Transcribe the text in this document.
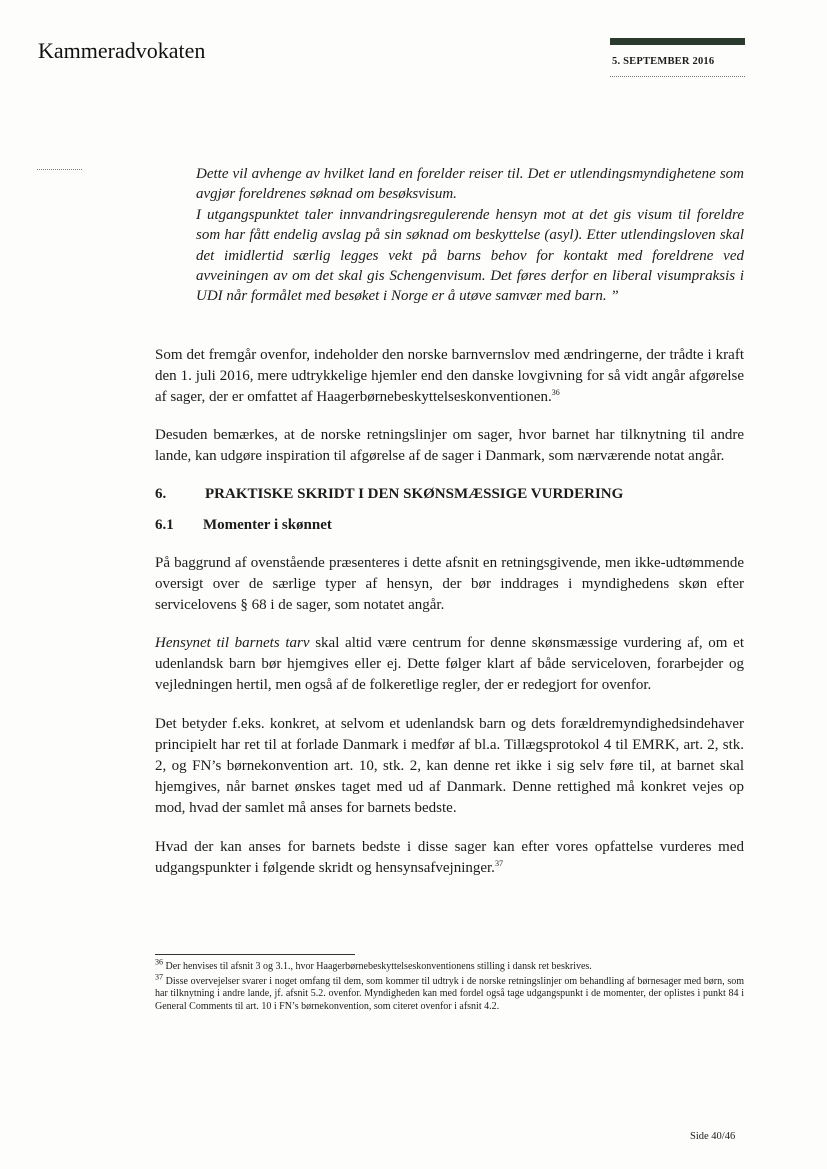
Kammeradvokaten	5. SEPTEMBER 2016

Dette vil avhenge av hvilket land en forelder reiser til. Det er utlendingsmyndighetene som avgjør foreldrenes søknad om besøksvisum.

I utgangspunktet taler innvandringsregulerende hensyn mot at det gis visum til foreldre som har fått endelig avslag på sin søknad om beskyttelse (asyl). Etter utlendingsloven skal det imidlertid særlig legges vekt på barns behov for kontakt med foreldrene ved avveiningen av om det skal gis Schengenvisum. Det føres derfor en liberal visumpraksis i UDI når formålet med besøket i Norge er å utøve samvær med barn. ”

Som det fremgår ovenfor, indeholder den norske barnvernslov med ændringerne, der trådte i kraft den 1. juli 2016, mere udtrykkelige hjemler end den danske lovgivning for så vidt angår afgørelse af sager, der er omfattet af Haagerbørnebeskyttelseskonventionen.$^{36}$

Desuden bemærkes, at de norske retningslinjer om sager, hvor barnet har tilknytning til andre lande, kan udgøre inspiration til afgørelse af de sager i Danmark, som nærværende notat angår.

6.	PRAKTISKE SKRIDT I DEN SKØNSMÆSSIGE VURDERING
6.1	Momenter i skønnet

På baggrund af ovenstående præsenteres i dette afsnit en retningsgivende, men ikke-udtømmende oversigt over de særlige typer af hensyn, der bør inddrages i myndighedens skøn efter servicelovens § 68 i de sager, som notatet angår.

Hensynet til barnets tarv skal altid være centrum for denne skønsmæssige vurdering af, om et udenlandsk barn bør hjemgives eller ej. Dette følger klart af både serviceloven, forarbejder og vejledningen hertil, men også af de folkeretlige regler, der er redegjort for ovenfor.

Det betyder f.eks. konkret, at selvom et udenlandsk barn og dets forældremyndighedsindehaver principielt har ret til at forlade Danmark i medfør af bl.a. Tillægsprotokol 4 til EMRK, art. 2, stk. 2, og FN’s børnekonvention art. 10, stk. 2, kan denne ret ikke i sig selv føre til, at barnet skal hjemgives, når barnet ønskes taget med ud af Danmark. Denne rettighed må konkret vejes op mod, hvad der samlet må anses for barnets bedste.

Hvad der kan anses for barnets bedste i disse sager kan efter vores opfattelse vurderes med udgangspunkter i følgende skridt og hensynsafvejninger.$^{37}$

$^{36}$ Der henvises til afsnit 3 og 3.1., hvor Haagerbørnebeskyttelseskonventionens stilling i dansk ret beskrives.

$^{37}$ Disse overvejelser svarer i noget omfang til dem, som kommer til udtryk i de norske retningslinjer om behandling af børnesager med børn, som har tilknytning i andre lande, jf. afsnit 5.2. ovenfor. Myndigheden kan med fordel også tage udgangspunkt i de momenter, der oplistes i punkt 84 i General Comments til art. 10 i FN’s børnekonvention, som citeret ovenfor i afsnit 4.2.

Side 40/46
